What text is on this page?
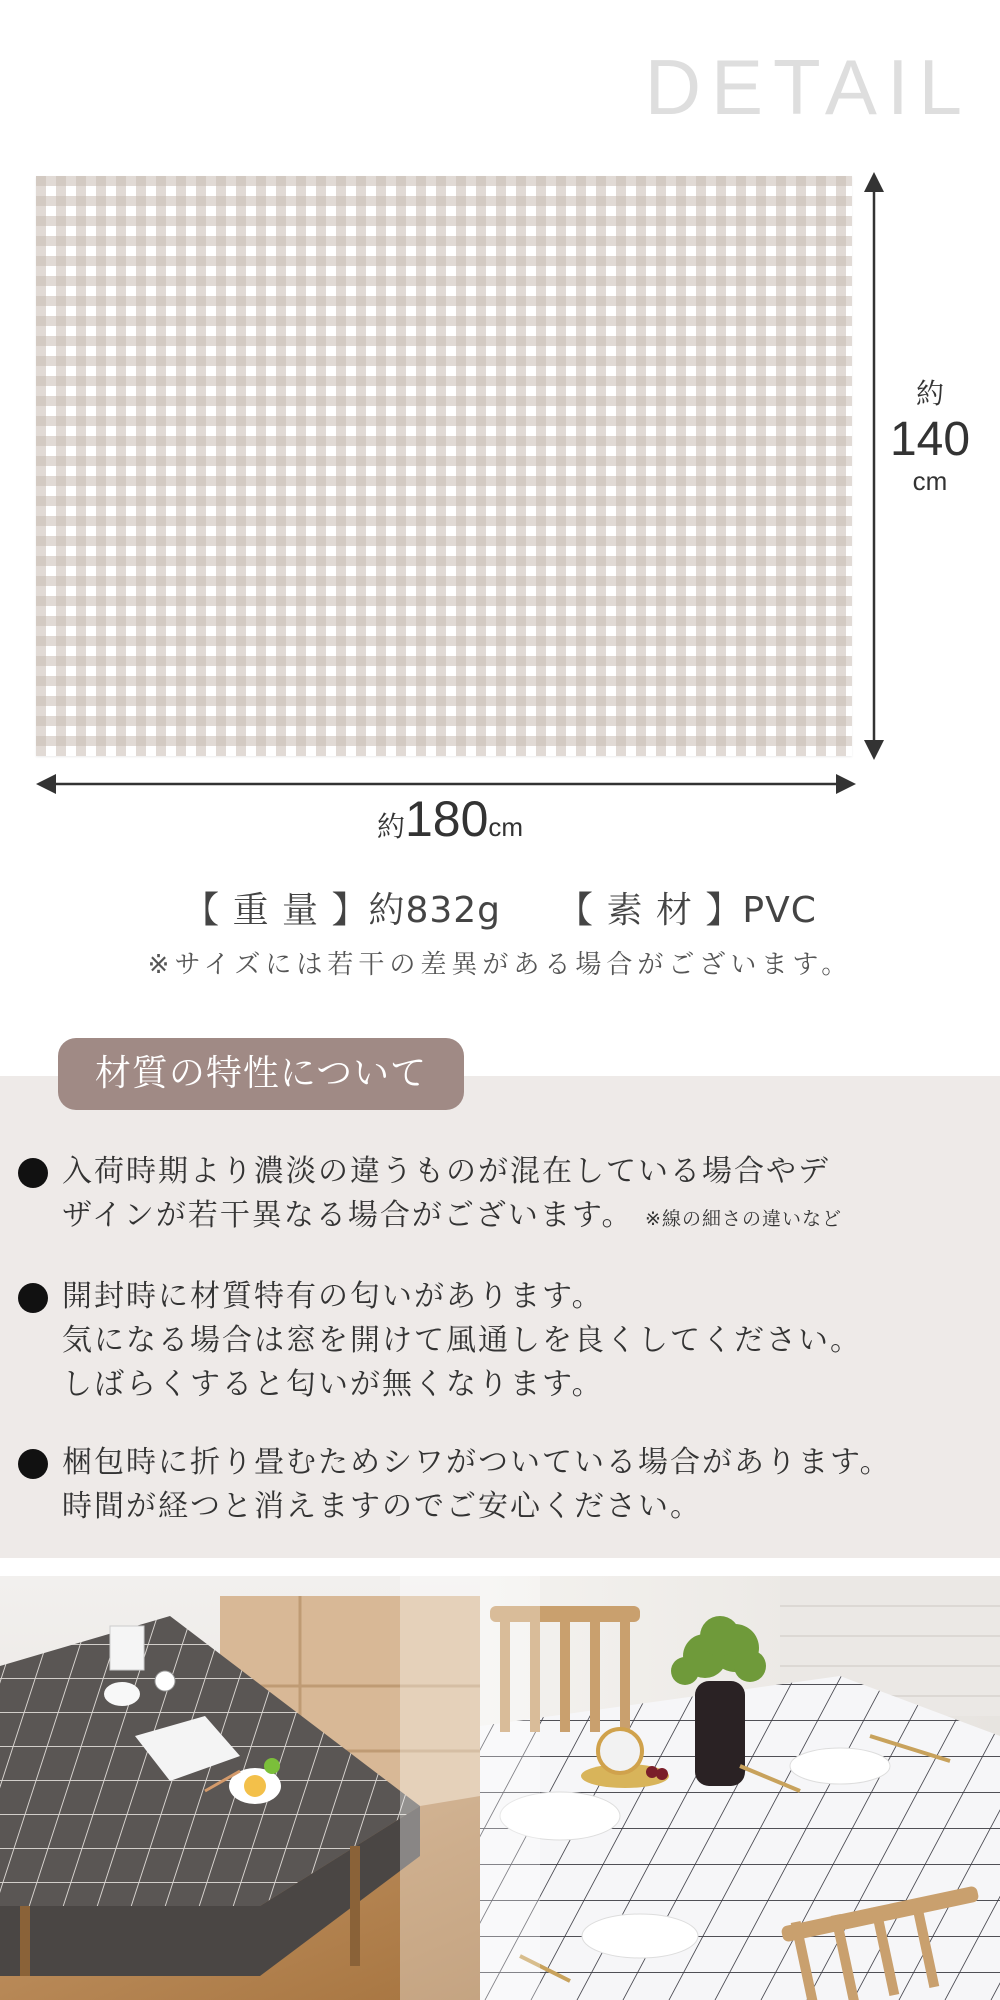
DETAIL
約
140
cm
約180cm
【 重 量 】約832g 【 素 材 】PVC
※サイズには若干の差異がある場合がございます。
材質の特性について
入荷時期より濃淡の違うものが混在している場合やデ
ザインが若干異なる場合がございます。 ※線の細さの違いなど
開封時に材質特有の匂いがあります。
気になる場合は窓を開けて風通しを良くしてください。
しばらくすると匂いが無くなります。
梱包時に折り畳むためシワがついている場合があります。
時間が経つと消えますのでご安心ください。
